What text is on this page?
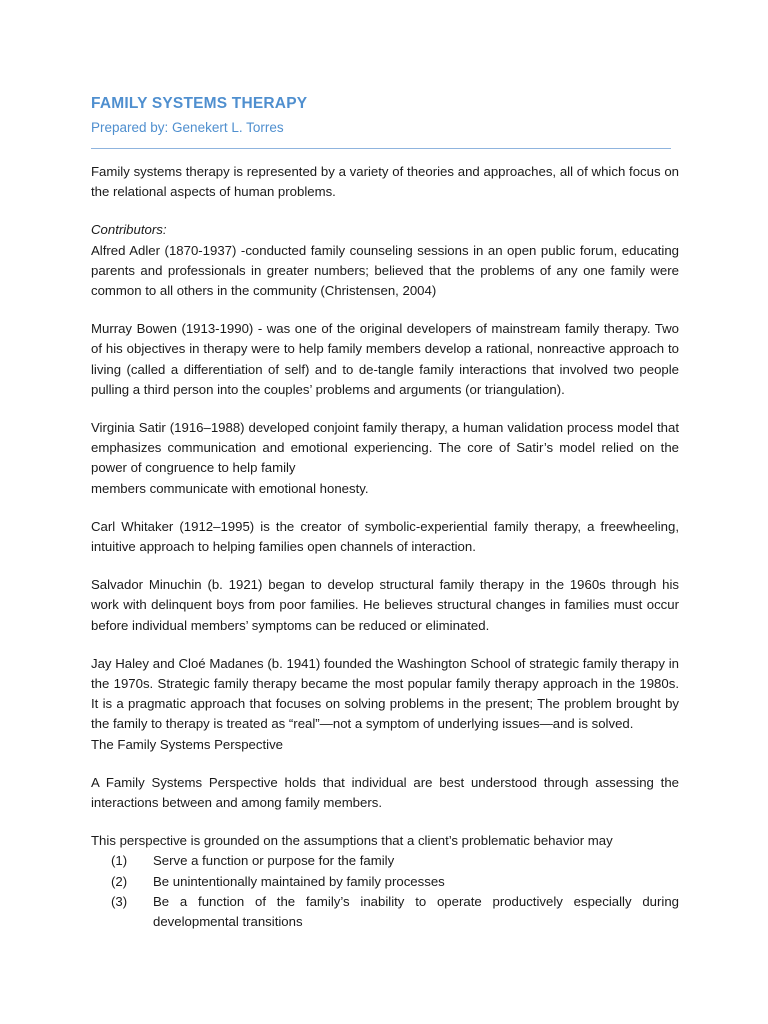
FAMILY SYSTEMS THERAPY

Prepared by: Genekert L. Torres

Family systems therapy is represented by a variety of theories and approaches, all of which focus on the relational aspects of human problems.

Contributors:

Alfred Adler (1870-1937) -conducted family counseling sessions in an open public forum, educating parents and professionals in greater numbers; believed that the problems of any one family were common to all others in the community (Christensen, 2004)

Murray Bowen (1913-1990) - was one of the original developers of mainstream family therapy. Two of his objectives in therapy were to help family members develop a rational, nonreactive approach to living (called a differentiation of self) and to de-tangle family interactions that involved two people pulling a third person into the couples’ problems and arguments (or triangulation).

Virginia Satir (1916–1988) developed conjoint family therapy, a human validation process model that emphasizes communication and emotional experiencing. The core of Satir’s model relied on the power of congruence to help family

members communicate with emotional honesty.

Carl Whitaker (1912–1995) is the creator of symbolic-experiential family therapy, a freewheeling, intuitive approach to helping families open channels of interaction.

Salvador Minuchin (b. 1921) began to develop structural family therapy in the 1960s through his work with delinquent boys from poor families. He believes structural changes in families must occur before individual members’ symptoms can be reduced or eliminated.

Jay Haley and Cloé Madanes (b. 1941) founded the Washington School of strategic family therapy in the 1970s. Strategic family therapy became the most popular family therapy approach in the 1980s. It is a pragmatic approach that focuses on solving problems in the present; The problem brought by the family to therapy is treated as “real”—not a symptom of underlying issues—and is solved.

The Family Systems Perspective

A Family Systems Perspective holds that individual are best understood through assessing the interactions between and among family members.

This perspective is grounded on the assumptions that a client’s problematic behavior may

(1)	Serve a function or purpose for the family
(2)	Be unintentionally maintained by family processes
(3)	Be a function of the family’s inability to operate productively especially during developmental transitions
